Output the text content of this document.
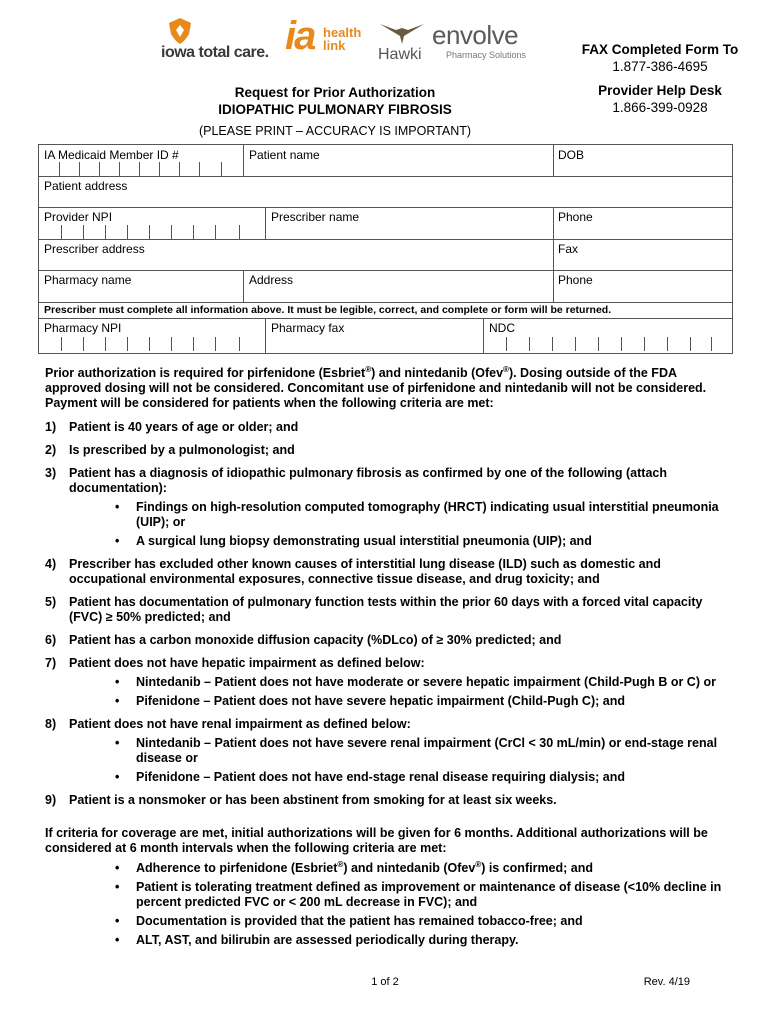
iowa total care. ia health
link
Hawki
envolve
Pharmacy Solutions	FAX Completed Form To
1.877-386-4695
Provider Help Desk
1.866-399-0928
Request for Prior Authorization
IDIOPATHIC PULMONARY FIBROSIS
(PLEASE PRINT – ACCURACY IS IMPORTANT)
IA Medicaid Member ID #	Patient name	DOB
Patient address
Provider NPI	Prescriber name	Phone
Prescriber address	Fax
Pharmacy name	Address	Phone
Prescriber must complete all information above. It must be legible, correct, and complete or form will be returned.
Pharmacy NPI	Pharmacy fax	NDC

Prior authorization is required for pirfenidone (Esbriet®) and nintedanib (Ofev®). Dosing outside of the FDA approved dosing will not be considered. Concomitant use of pirfenidone and nintedanib will not be considered. Payment will be considered for patients when the following criteria are met:

1) Patient is 40 years of age or older; and

2) Is prescribed by a pulmonologist; and

3) Patient has a diagnosis of idiopathic pulmonary fibrosis as confirmed by one of the following (attach documentation):

• Findings on high-resolution computed tomography (HRCT) indicating usual interstitial pneumonia (UIP); or

• A surgical lung biopsy demonstrating usual interstitial pneumonia (UIP); and

4) Prescriber has excluded other known causes of interstitial lung disease (ILD) such as domestic and occupational environmental exposures, connective tissue disease, and drug toxicity; and

5) Patient has documentation of pulmonary function tests within the prior 60 days with a forced vital capacity (FVC) ≥ 50% predicted; and

6) Patient has a carbon monoxide diffusion capacity (%DLco) of ≥ 30% predicted; and

7) Patient does not have hepatic impairment as defined below:

• Nintedanib – Patient does not have moderate or severe hepatic impairment (Child-Pugh B or C) or

• Pifenidone – Patient does not have severe hepatic impairment (Child-Pugh C); and

8) Patient does not have renal impairment as defined below:

• Nintedanib – Patient does not have severe renal impairment (CrCl < 30 mL/min) or end-stage renal disease or

• Pifenidone – Patient does not have end-stage renal disease requiring dialysis; and

9) Patient is a nonsmoker or has been abstinent from smoking for at least six weeks.

If criteria for coverage are met, initial authorizations will be given for 6 months. Additional authorizations will be considered at 6 month intervals when the following criteria are met:

• Adherence to pirfenidone (Esbriet®) and nintedanib (Ofev®) is confirmed; and

• Patient is tolerating treatment defined as improvement or maintenance of disease (<10% decline in percent predicted FVC or < 200 mL decrease in FVC); and

• Documentation is provided that the patient has remained tobacco-free; and

• ALT, AST, and bilirubin are assessed periodically during therapy.

1 of 2	Rev. 4/19
